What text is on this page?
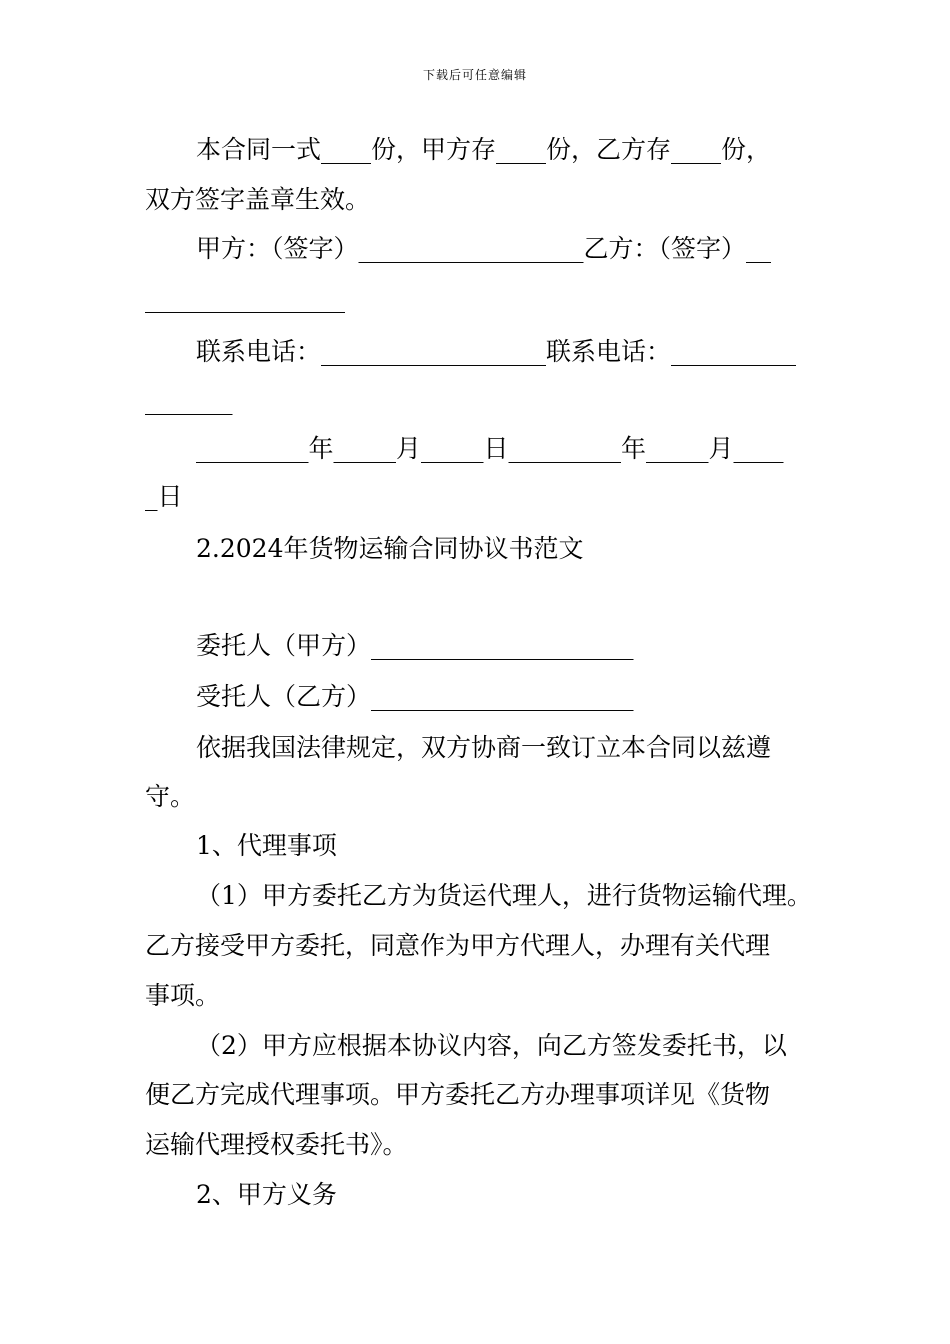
下载后可任意编辑
本合同一式____份，甲方存____份，乙方存____份，
双方签字盖章生效。
甲方：（签字）__________________乙方：（签字）__
________________
联系电话：__________________联系电话：__________
_______
_________年_____月_____日_________年_____月____
_日
2.2024年货物运输合同协议书范文
委托人（甲方）_____________________
受托人（乙方）_____________________
依据我国法律规定，双方协商一致订立本合同以兹遵
守。
1、代理事项
（1）甲方委托乙方为货运代理人，进行货物运输代理。
乙方接受甲方委托，同意作为甲方代理人，办理有关代理
事项。
（2）甲方应根据本协议内容，向乙方签发委托书，以
便乙方完成代理事项。甲方委托乙方办理事项详见《货物
运输代理授权委托书》。
2、甲方义务
